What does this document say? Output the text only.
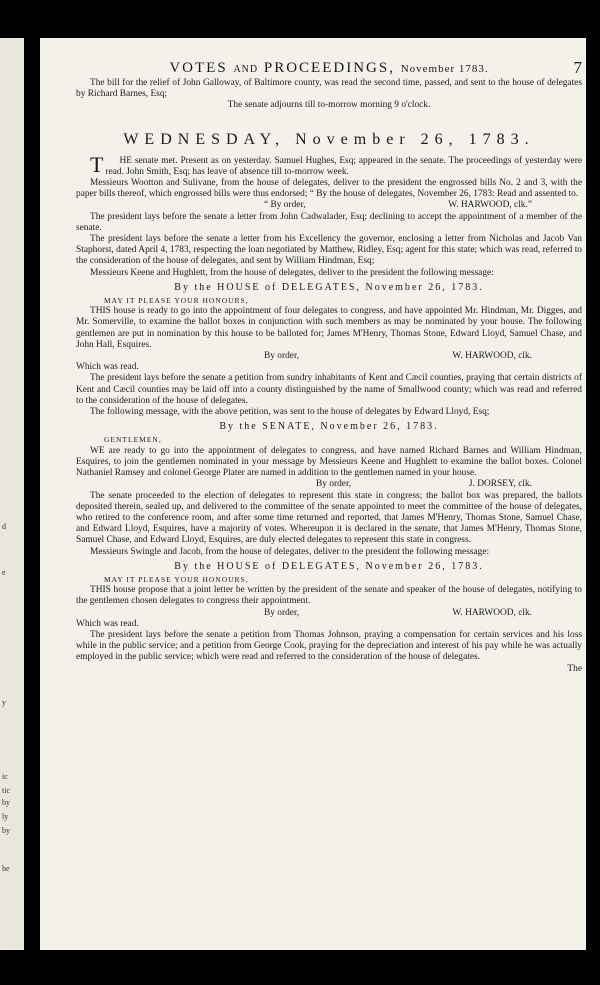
d
e
ic
by
y
tic
ly
by
he
VOTES AND PROCEEDINGS, November 1783.	7

The bill for the relief of John Galloway, of Baltimore county, was read the second time, passed, and sent to the house of delegates by Richard Barnes, Esq;

The senate adjourns till to-morrow morning 9 o'clock.

WEDNESDAY, November 26, 1783.

THE senate met. Present as on yesterday. Samuel Hughes, Esq; appeared in the senate. The proceedings of yesterday were read. John Smith, Esq; has leave of absence till to-morrow week.

Messieurs Wootton and Sulivane, from the house of delegates, deliver to the president the engrossed bills No. 2 and 3, with the paper bills thereof, which engrossed bills were thus endorsed; “ By the house of delegates, November 26, 1783: Read and assented to.

“ By order,	W. HARWOOD, clk.”

The president lays before the senate a letter from John Cadwalader, Esq; declining to accept the appointment of a member of the senate.

The president lays before the senate a letter from his Excellency the governor, enclosing a letter from Nicholas and Jacob Van Staphorst, dated April 4, 1783, respecting the loan negotiated by Matthew, Ridley, Esq; agent for this state; which was read, referred to the consideration of the house of delegates, and sent by William Hindman, Esq;

Messieurs Keene and Hughlett, from the house of delegates, deliver to the president the following message:

By the HOUSE of DELEGATES, November 26, 1783.

MAY IT PLEASE YOUR HONOURS,

THIS house is ready to go into the appointment of four delegates to congress, and have appointed Mr. Hindman, Mr. Digges, and Mr. Somerville, to examine the ballot boxes in conjunction with such members as may be nominated by your house. The following gentlemen are put in nomination by this house to be balloted for; James M'Henry, Thomas Stone, Edward Lloyd, Samuel Chase, and John Hall, Esquires.

By order,	W. HARWOOD, clk.

Which was read.

The president lays before the senate a petition from sundry inhabitants of Kent and Cæcil counties, praying that certain districts of Kent and Cæcil counties may be laid off into a county distinguished by the name of Smallwood county; which was read and referred to the consideration of the house of delegates.

The following message, with the above petition, was sent to the house of delegates by Edward Lloyd, Esq;

By the SENATE, November 26, 1783.

GENTLEMEN,

WE are ready to go into the appointment of delegates to congress, and have named Richard Barnes and William Hindman, Esquires, to join the gentlemen nominated in your message by Messieurs Keene and Hughlett to examine the ballot boxes. Colonel Nathaniel Ramsey and colonel George Plater are named in addition to the gentlemen named in your house.

By order,	J. DORSEY, clk.

The senate proceeded to the election of delegates to represent this state in congress; the ballot box was prepared, the ballots deposited therein, sealed up, and delivered to the committee of the senate appointed to meet the committee of the house of delegates, who retired to the conference room, and after some time returned and reported, that James M'Henry, Thomas Stone, Samuel Chase, and Edward Lloyd, Esquires, have a majority of votes. Whereupon it is declared in the senate, that James M'Henry, Thomas Stone, Samuel Chase, and Edward Lloyd, Esquires, are duly elected delegates to represent this state in congress.

Messieurs Swingle and Jacob, from the house of delegates, deliver to the president the following message:

By the HOUSE of DELEGATES, November 26, 1783.

MAY IT PLEASE YOUR HONOURS,

THIS house propose that a joint letter be written by the president of the senate and speaker of the house of delegates, notifying to the gentlemen chosen delegates to congress their appointment.

By order,	W. HARWOOD, clk.

Which was read.

The president lays before the senate a petition from Thomas Johnson, praying a compensation for certain services and his loss while in the public service; and a petition from George Cook, praying for the depreciation and interest of his pay while he was actually employed in the public service; which were read and referred to the consideration of the house of delegates.

The
